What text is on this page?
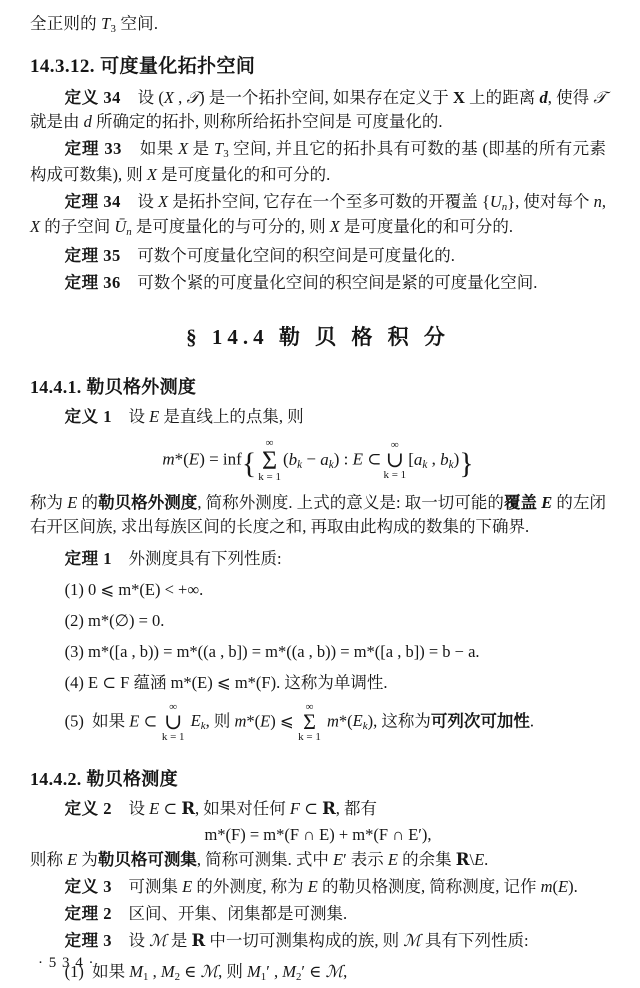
全正则的 $T_3$ 空间.
14.3.12. 可度量化拓扑空间

定义 34    设 (X , 𝒯) 是一个拓扑空间, 如果存在定义于 X 上的距离 d, 使得 𝒯 就是由 d 所确定的拓扑, 则称所给拓扑空间是 可度量化的.

定理 33    如果 X 是 $T_3$ 空间, 并且它的拓扑具有可数的基 (即基的所有元素构成可数集), 则 X 是可度量化的和可分的.

定理 34    设 X 是拓扑空间, 它存在一个至多可数的开覆盖 $\{U_n\}$, 使对每个 n, X 的子空间 $Ū_n$ 是可度量化的与可分的, 则 X 是可度量化的和可分的.

定理 35    可数个可度量化空间的积空间是可度量化的.

定理 36    可数个紧的可度量化空间的积空间是紧的可度量化空间.

§ 14.4 勒 贝 格 积 分
14.4.1. 勒贝格外测度

定义 1    设 E 是直线上的点集, 则

m*(E) = inf{
∞
Σ
k = 1
$(b_k - a_k)$ : E ⊂
∞
∪
k = 1
[$a_k$ , $b_k$)}

称为 E 的勒贝格外测度, 简称外测度. 上式的意义是: 取一切可能的覆盖 E 的左闭右开区间族, 求出每族区间的长度之和, 再取由此构成的数集的下确界.

定理 1    外测度具有下列性质:

(1) 0 ⩽ m*(E) < +∞.
(2) m*(∅) = 0.
(3) m*([a , b)) = m*((a , b]) = m*((a , b)) = m*([a , b]) = b − a.
(4) E ⊂ F 蕴涵 m*(E) ⩽ m*(F). 这称为单调性.
(5)  如果 E ⊂
∞
∪
k = 1
$E_k$, 则 m*(E) ⩽
∞
Σ
k = 1
$m*(E_k)$, 这称为可列次可加性.
14.4.2. 勒贝格测度

定义 2    设 E ⊂ 𝐑, 如果对任何 F ⊂ 𝐑, 都有

m*(F) = m*(F ∩ E) + m*(F ∩ E′),

则称 E 为勒贝格可测集, 简称可测集. 式中 E′ 表示 E 的余集 𝐑\E.

定义 3    可测集 E 的外测度, 称为 E 的勒贝格测度, 简称测度, 记作 m(E).

定理 2    区间、开集、闭集都是可测集.

定理 3    设 ℳ 是 𝐑 中一切可测集构成的族, 则 ℳ 具有下列性质:

(1)  如果 $M_1$ , $M_2$ ∈ ℳ, 则 $M_1'$ , $M_2'$ ∈ ℳ,
· 5 3 4 ·
